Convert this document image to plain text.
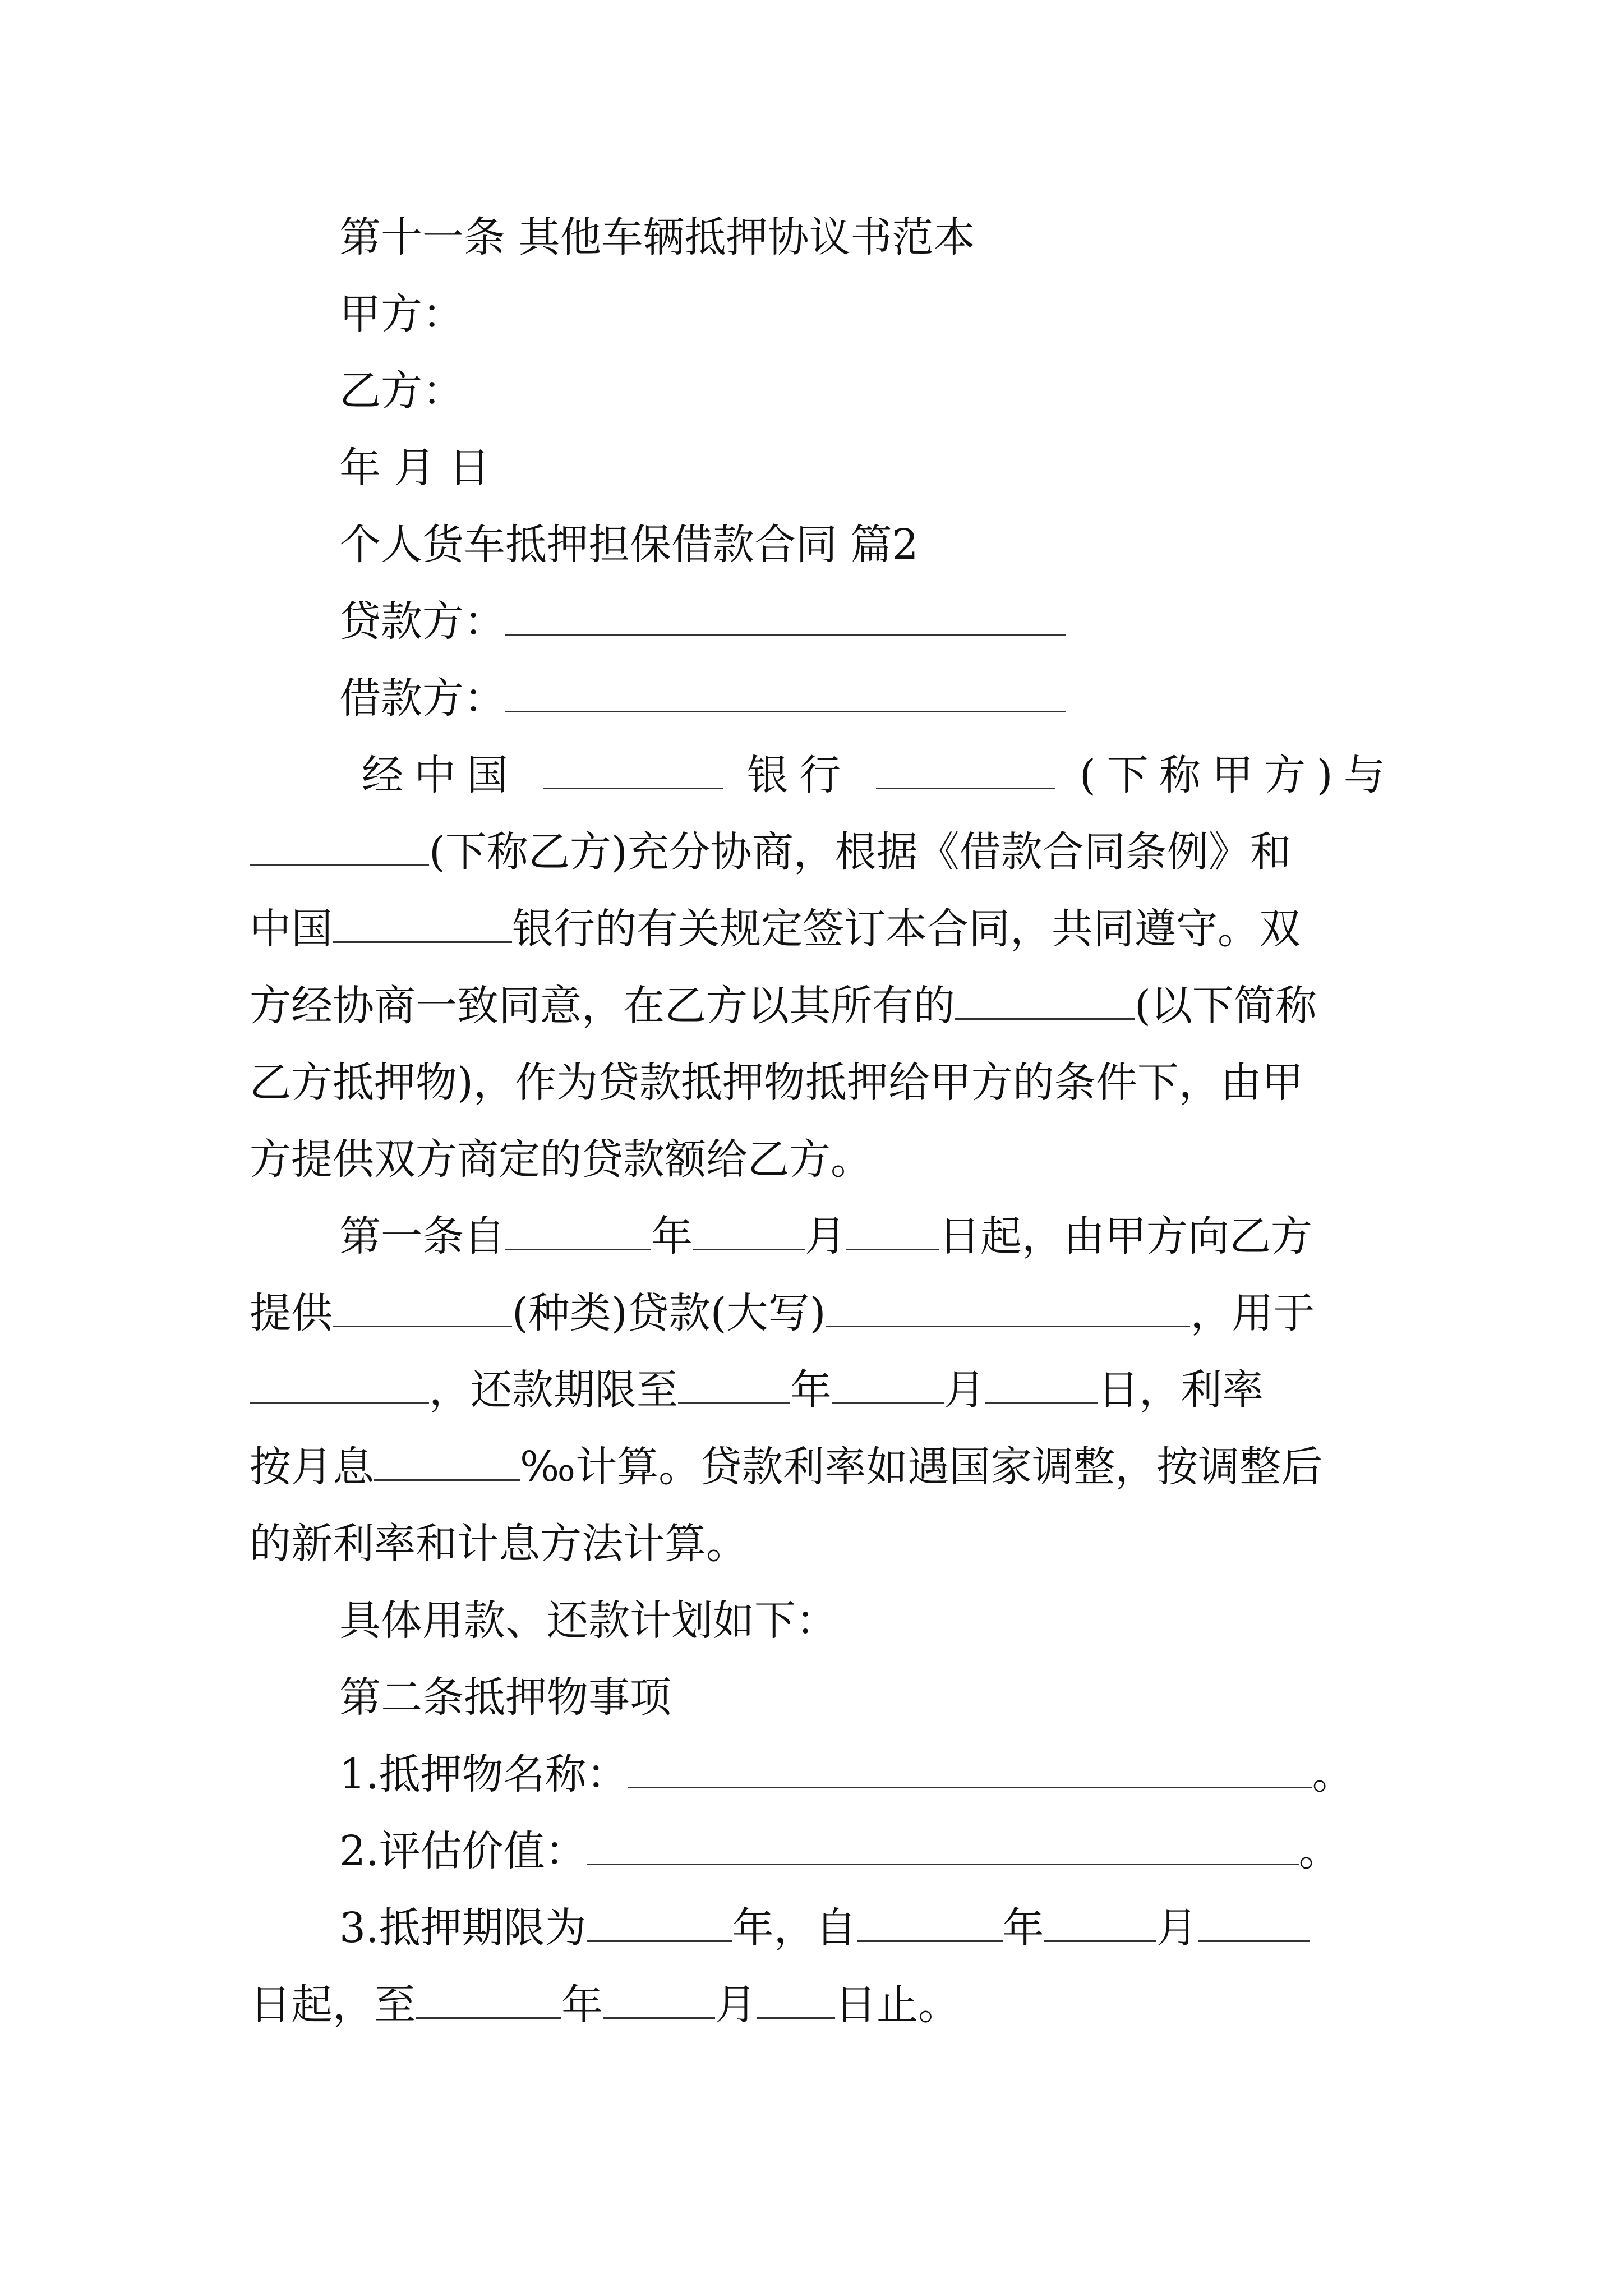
第十一条 其他车辆抵押协议书范本
甲方：
乙方：
年 月 日
个人货车抵押担保借款合同 篇2
贷款方：
借款方：
经中国	银行	(下称甲方)与
(下称乙方)充分协商，根据《借款合同条例》和
中国	银行的有关规定签订本合同，共同遵守。双
方经协商一致同意，在乙方以其所有的	(以下简称
乙方抵押物)，作为贷款抵押物抵押给甲方的条件下，由甲
方提供双方商定的贷款额给乙方。
第一条自	年	月 日起，由甲方向乙方
提供	(种类)贷款(大写)	，用于
，还款期限至	年	月	日，利率
按月息	‰计算。贷款利率如遇国家调整，按调整后
的新利率和计息方法计算。
具体用款、还款计划如下：
第二条抵押物事项
1.抵押物名称：	。
2.评估价值：	。
3.抵押期限为	年，自	年	月
日起，至	年	月 日止。
